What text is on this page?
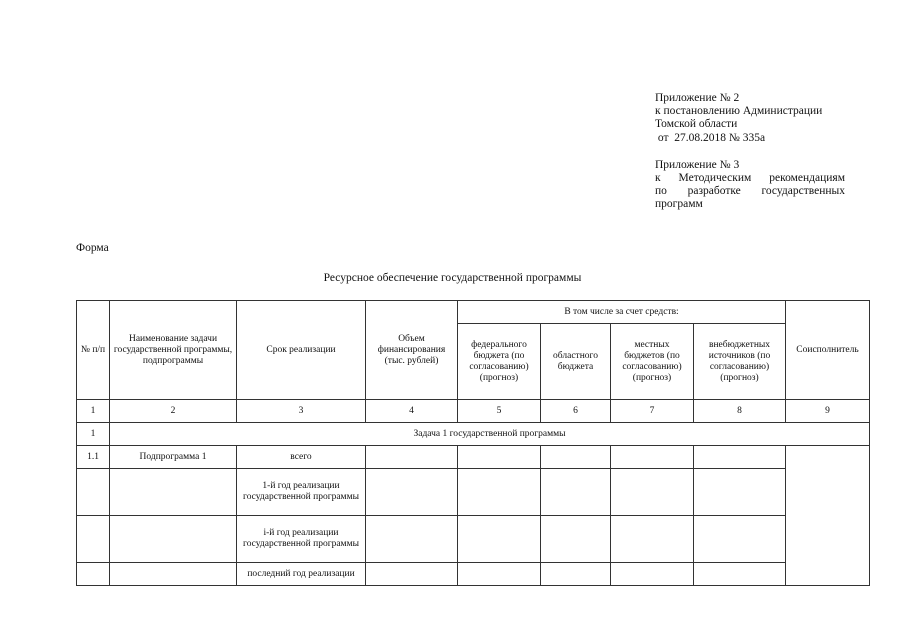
Приложение № 2
к постановлению Администрации
Томской области
от  27.08.2018 № 335а
Приложение № 3
к Методическим рекомендациям
по разработке государственных
программ
Форма
Ресурсное обеспечение государственной программы
№ п/п	Наименование задачи государственной программы, подпрограммы	Срок реализации	Объем финансирования (тыс. рублей)	В том числе за счет средств:				Соисполнитель
				федерального бюджета (по согласованию) (прогноз)	областного бюджета	местных бюджетов (по согласованию) (прогноз)	внебюджетных источников (по согласованию) (прогноз)	
1	2	3	4	5	6	7	8	9
1	Задача 1 государственной программы							
1.1	Подпрограмма 1	всего						
		1-й год реализации государственной программы						
		i-й год реализации государственной программы						
		последний год реализации						
